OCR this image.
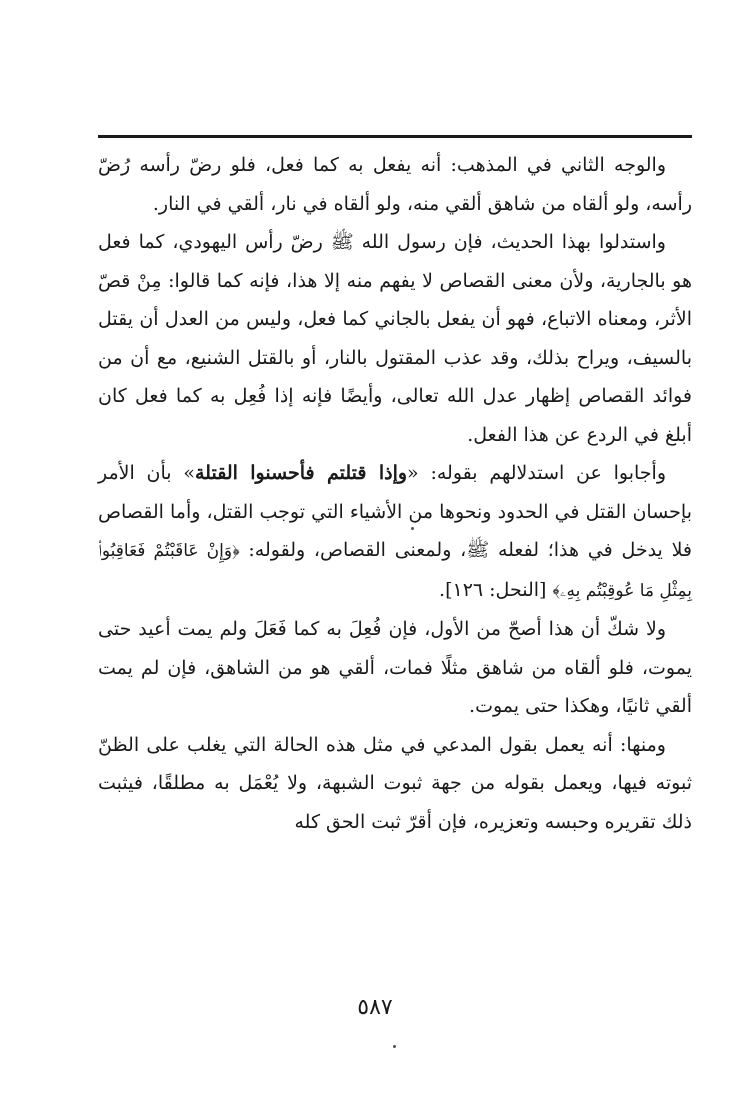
والوجه الثاني في المذهب: أنه يفعل به كما فعل، فلو رضّ رأسه رُضّ رأسه، ولو ألقاه من شاهق ألقي منه، ولو ألقاه في نار، ألقي في النار.

واستدلوا بهذا الحديث، فإن رسول الله ﷺ رضّ رأس اليهودي، كما فعل هو بالجارية، ولأن معنى القصاص لا يفهم منه إلا هذا، فإنه كما قالوا: مِنْ قصّ الأثر، ومعناه الاتباع، فهو أن يفعل بالجاني كما فعل، وليس من العدل أن يقتل بالسيف، ويراح بذلك، وقد عذب المقتول بالنار، أو بالقتل الشنيع، مع أن من فوائد القصاص إظهار عدل الله تعالى، وأيضًا فإنه إذا فُعِل به كما فعل كان أبلغ في الردع عن هذا الفعل.

وأجابوا عن استدلالهم بقوله: «وإذا قتلتم فأحسنوا القتلة» بأن الأمر بإحسان القتل في الحدود ونحوها من الأشياء التي توجب القتل، وأما القصاص فلا يدخل في هذا؛ لفعله ﷺ، ولمعنى القصاص، ولقوله: ﴿وَإِنْ عَاقَبْتُمْ فَعَاقِبُوا۟ بِمِثْلِ مَا عُوقِبْتُم بِهِۦ﴾ [النحل: ١٢٦].

ولا شكّ أن هذا أصحّ من الأول، فإن فُعِلَ به كما فَعَلَ ولم يمت أعيد حتى يموت، فلو ألقاه من شاهق مثلًا فمات، ألقي هو من الشاهق، فإن لم يمت ألقي ثانيًا، وهكذا حتى يموت.

ومنها: أنه يعمل بقول المدعي في مثل هذه الحالة التي يغلب على الظنّ ثبوته فيها، ويعمل بقوله من جهة ثبوت الشبهة، ولا يُعْمَل به مطلقًا، فيثبت ذلك تقريره وحبسه وتعزيره، فإن أقرّ ثبت الحق كله

٥٨٧
